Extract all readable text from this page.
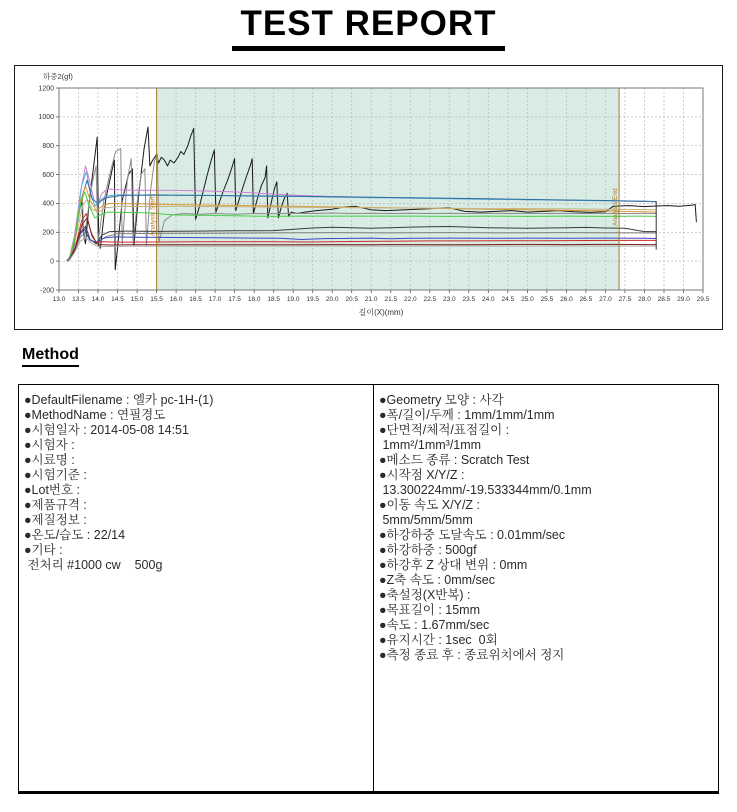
TEST REPORT
13.0 13.5 14.0 14.5 15.0 15.5 16.0 16.5 17.0 17.5 18.0 18.5 19.0 19.5 20.0 20.5 21.0 21.5 22.0 22.5 23.0 23.5 24.0 24.5 25.0 25.5 26.0 26.5 27.0 27.5 28.0 28.5 29.0 29.5
-200
0
200
400
600
800
1000
1200
하중2(gf)
길이(X)(mm)
Analysis Start	Analysis End
Method
●DefaultFilename : 엘카 pc-1H-(1)
●MethodName : 연필경도
●시험일자 : 2014-05-08 14:51
●시험자 :
●시료명 :
●시험기준 :
●Lot번호 :
●제품규격 :
●제질정보 :
●온도/습도 : 22/14
●기타 :
전처리 #1000 cw    500g
●Geometry 모양 : 사각
●폭/길이/두께 : 1mm/1mm/1mm
●단면적/체적/표점길이 :
1mm²/1mm³/1mm
●메소드 종류 : Scratch Test
●시작점 X/Y/Z :
13.300224mm/-19.533344mm/0.1mm
●이동 속도 X/Y/Z :
5mm/5mm/5mm
●하강하중 도달속도 : 0.01mm/sec
●하강하중 : 500gf
●하강후 Z 상대 변위 : 0mm
●Z축 속도 : 0mm/sec
●축설정(X반복) :
●목표길이 : 15mm
●속도 : 1.67mm/sec
●유지시간 : 1sec  0회
●측정 종료 후 : 종료위치에서 정지
